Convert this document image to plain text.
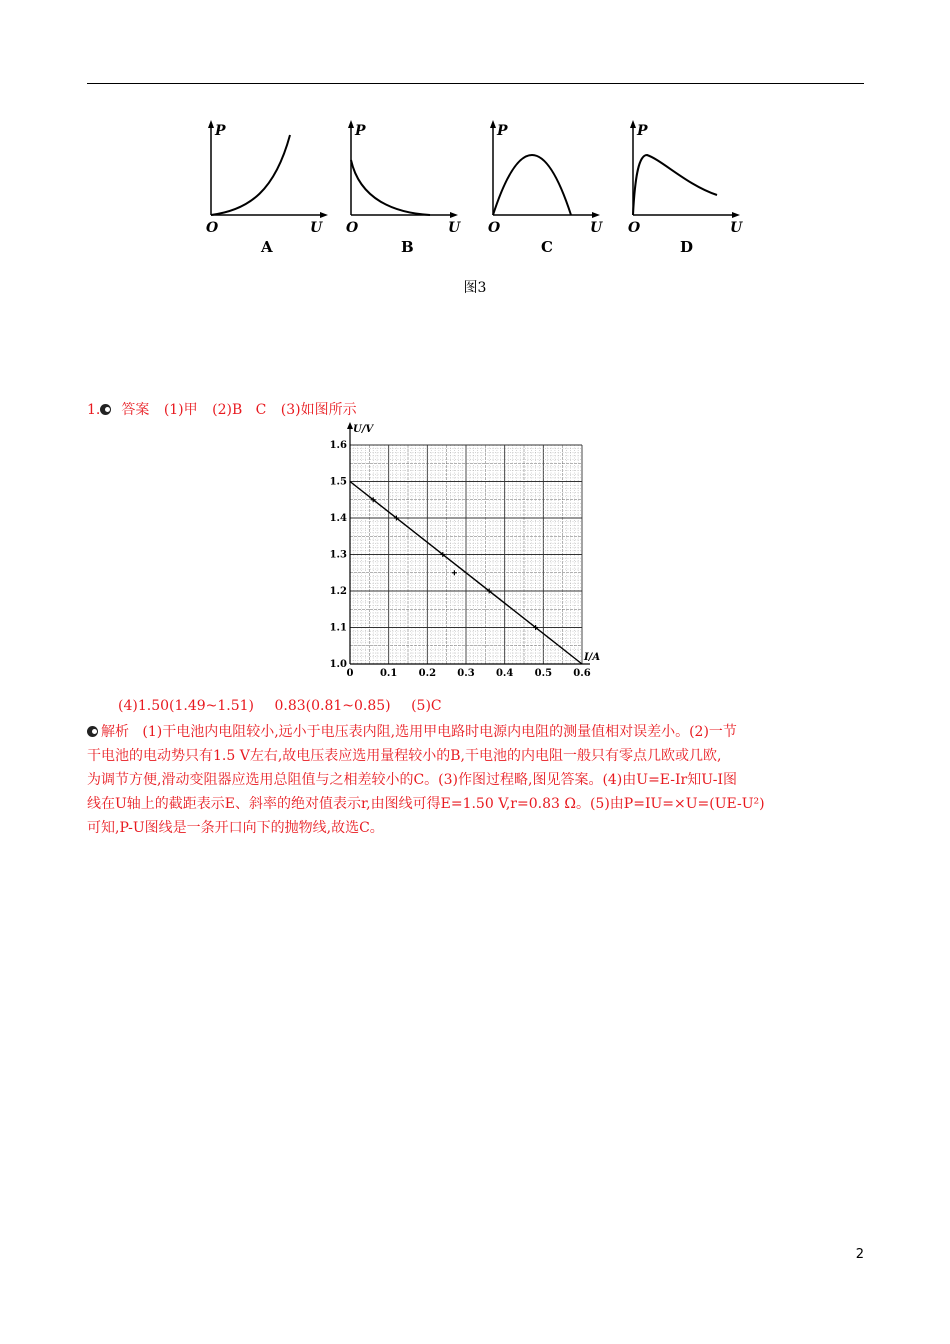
P
O	U
A
P
O	U
B
P
O	U
C
P
O	U
D
图3
1. 答案 (1)甲 (2)B   C (3)如图所示
1.0
1.1
1.2
1.3
1.4
1.5
1.6
0	0.1 0.2 0.3 0.4 0.5 0.6
U/V
I/A
(4)1.50(1.49~1.51) 0.83(0.81~0.85) (5)C

解析 (1)干电池内电阻较小,远小于电压表内阻,选用甲电路时电源内电阻的测量值相对误差小。(2)一节

干电池的电动势只有1.5 V左右,故电压表应选用量程较小的B,干电池的内电阻一般只有零点几欧或几欧,

为调节方便,滑动变阻器应选用总阻值与之相差较小的C。(3)作图过程略,图见答案。(4)由U=E-Ir知U-I图

线在U轴上的截距表示E、斜率的绝对值表示r,由图线可得E=1.50 V,r=0.83 Ω。(5)由P=IU=×U=(UE-U²)

可知,P-U图线是一条开口向下的抛物线,故选C。

2
